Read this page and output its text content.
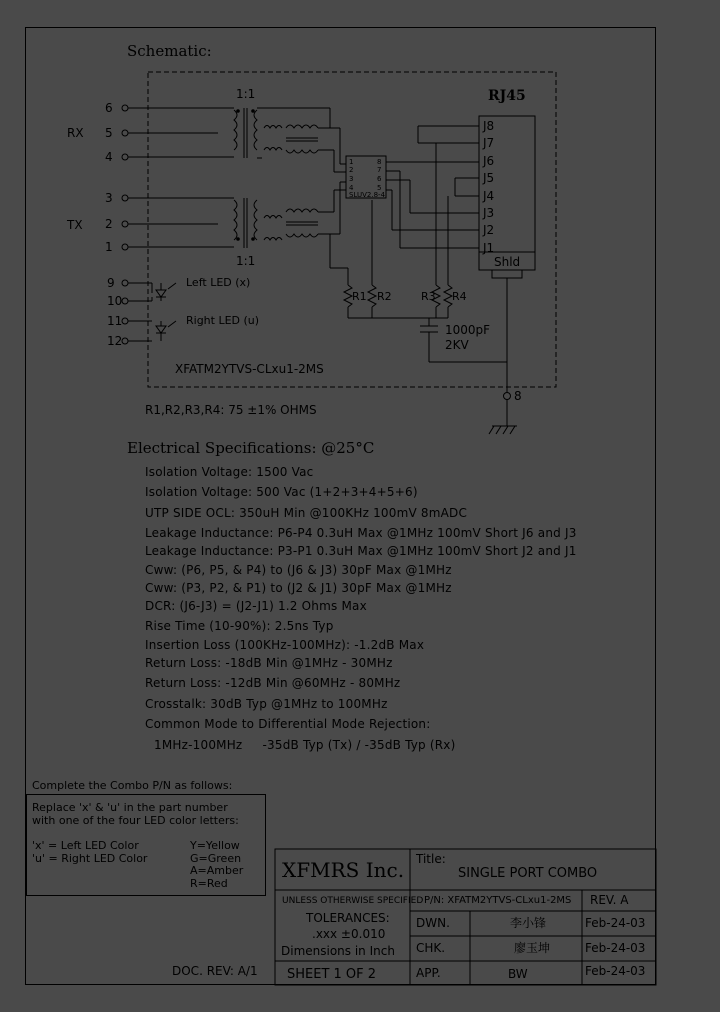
Schematic:
RJ45
1:1
1:1
RX
TX
6
5
4
3
2
1
9
10
11
12
Left LED (x)
Right LED (u)
J8
J7
J6
J5
J4
J3
J2
J1
Shld
R1 R2	R3 R4
1000pF
2KV
SLUV2.8-4
1
2
3
4
8
7
6
5
XFATM2YTVS-CLxu1-2MS
8
R1,R2,R3,R4: 75 ±1% OHMS
Electrical Specifications: @25°C
Isolation Voltage: 1500 Vac
Isolation Voltage: 500 Vac (1+2+3+4+5+6)
UTP SIDE OCL: 350uH Min @100KHz 100mV 8mADC
Leakage Inductance: P6-P4 0.3uH Max @1MHz 100mV Short J6 and J3
Leakage Inductance: P3-P1 0.3uH Max @1MHz 100mV Short J2 and J1
Cww: (P6, P5, & P4) to (J6 & J3) 30pF Max @1MHz
Cww: (P3, P2, & P1) to (J2 & J1) 30pF Max @1MHz
DCR: (J6-J3) = (J2-J1) 1.2 Ohms Max
Rise Time (10-90%): 2.5ns Typ
Insertion Loss (100KHz-100MHz): -1.2dB Max
Return Loss: -18dB Min @1MHz - 30MHz
Return Loss: -12dB Min @60MHz - 80MHz
Crosstalk: 30dB Typ @1MHz to 100MHz
Common Mode to Differential Mode Rejection:
1MHz-100MHz     -35dB Typ (Tx) / -35dB Typ (Rx)
Complete the Combo P/N as follows:
Replace 'x' & 'u' in the part number
with one of the four LED color letters:
'x' = Left LED Color
'u' = Right LED Color
Y=Yellow
G=Green
A=Amber
R=Red
DOC. REV: A/1
XFMRS Inc. Title:
SINGLE PORT COMBO
UNLESS OTHERWISE SPECIFIED
TOLERANCES:
.xxx ±0.010
Dimensions in Inch
SHEET 1 OF 2
P/N: XFATM2YTVS-CLxu1-2MS REV. A
DWN.	李小锋	Feb-24-03
CHK.	廖玉坤	Feb-24-03
APP.	BW	Feb-24-03
